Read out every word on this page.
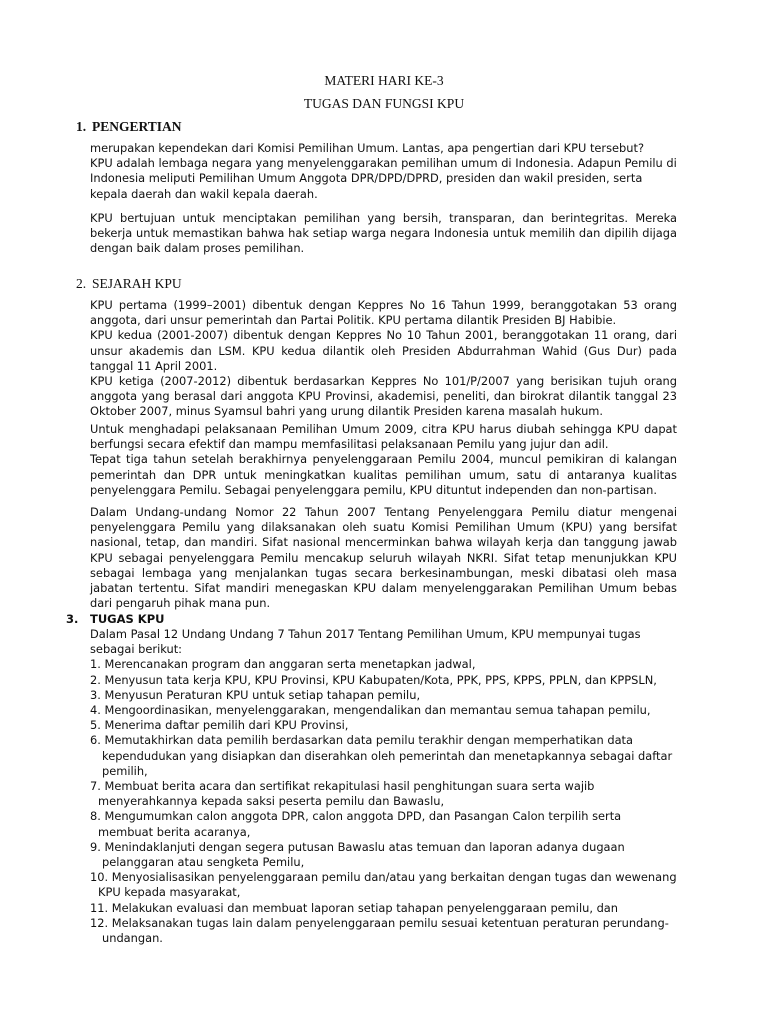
MATERI HARI KE-3
TUGAS DAN FUNGSI KPU
1. PENGERTIAN

merupakan kependekan dari Komisi Pemilihan Umum. Lantas, apa pengertian dari KPU tersebut?

KPU adalah lembaga negara yang menyelenggarakan pemilihan umum di Indonesia. Adapun Pemilu di Indonesia meliputi Pemilihan Umum Anggota DPR/DPD/DPRD, presiden dan wakil presiden, serta kepala daerah dan wakil kepala daerah.

KPU bertujuan untuk menciptakan pemilihan yang bersih, transparan, dan berintegritas. Mereka bekerja untuk memastikan bahwa hak setiap warga negara Indonesia untuk memilih dan dipilih dijaga dengan baik dalam proses pemilihan.

2. SEJARAH KPU

KPU pertama (1999–2001) dibentuk dengan Keppres No 16 Tahun 1999, beranggotakan 53 orang anggota, dari unsur pemerintah dan Partai Politik. KPU pertama dilantik Presiden BJ Habibie.

KPU kedua (2001-2007) dibentuk dengan Keppres No 10 Tahun 2001, beranggotakan 11 orang, dari unsur akademis dan LSM. KPU kedua dilantik oleh Presiden Abdurrahman Wahid (Gus Dur) pada tanggal 11 April 2001.

KPU ketiga (2007-2012) dibentuk berdasarkan Keppres No 101/P/2007 yang berisikan tujuh orang anggota yang berasal dari anggota KPU Provinsi, akademisi, peneliti, dan birokrat dilantik tanggal 23 Oktober 2007, minus Syamsul bahri yang urung dilantik Presiden karena masalah hukum.

Untuk menghadapi pelaksanaan Pemilihan Umum 2009, citra KPU harus diubah sehingga KPU dapat berfungsi secara efektif dan mampu memfasilitasi pelaksanaan Pemilu yang jujur dan adil.

Tepat tiga tahun setelah berakhirnya penyelenggaraan Pemilu 2004, muncul pemikiran di kalangan pemerintah dan DPR untuk meningkatkan kualitas pemilihan umum, satu di antaranya kualitas penyelenggara Pemilu. Sebagai penyelenggara pemilu, KPU dituntut independen dan non-partisan.

Dalam Undang-undang Nomor 22 Tahun 2007 Tentang Penyelenggara Pemilu diatur mengenai penyelenggara Pemilu yang dilaksanakan oleh suatu Komisi Pemilihan Umum (KPU) yang bersifat nasional, tetap, dan mandiri. Sifat nasional mencerminkan bahwa wilayah kerja dan tanggung jawab KPU sebagai penyelenggara Pemilu mencakup seluruh wilayah NKRI. Sifat tetap menunjukkan KPU sebagai lembaga yang menjalankan tugas secara berkesinambungan, meski dibatasi oleh masa jabatan tertentu. Sifat mandiri menegaskan KPU dalam menyelenggarakan Pemilihan Umum bebas dari pengaruh pihak mana pun.

3. TUGAS KPU

Dalam Pasal 12 Undang Undang 7 Tahun 2017 Tentang Pemilihan Umum, KPU mempunyai tugas sebagai berikut:

1. Merencanakan program dan anggaran serta menetapkan jadwal,
2. Menyusun tata kerja KPU, KPU Provinsi, KPU Kabupaten/Kota, PPK, PPS, KPPS, PPLN, dan KPPSLN,
3. Menyusun Peraturan KPU untuk setiap tahapan pemilu,
4. Mengoordinasikan, menyelenggarakan, mengendalikan dan memantau semua tahapan pemilu,
5. Menerima daftar pemilih dari KPU Provinsi,
6. Memutakhirkan data pemilih berdasarkan data pemilu terakhir dengan memperhatikan data kependudukan yang disiapkan dan diserahkan oleh pemerintah dan menetapkannya sebagai daftar pemilih,
7. Membuat berita acara dan sertifikat rekapitulasi hasil penghitungan suara serta wajib menyerahkannya kepada saksi peserta pemilu dan Bawaslu,
8. Mengumumkan calon anggota DPR, calon anggota DPD, dan Pasangan Calon terpilih serta membuat berita acaranya,
9. Menindaklanjuti dengan segera putusan Bawaslu atas temuan dan laporan adanya dugaan pelanggaran atau sengketa Pemilu,
10. Menyosialisasikan penyelenggaraan pemilu dan/atau yang berkaitan dengan tugas dan wewenang KPU kepada masyarakat,
11. Melakukan evaluasi dan membuat laporan setiap tahapan penyelenggaraan pemilu, dan
12. Melaksanakan tugas lain dalam penyelenggaraan pemilu sesuai ketentuan peraturan perundang-undangan.
